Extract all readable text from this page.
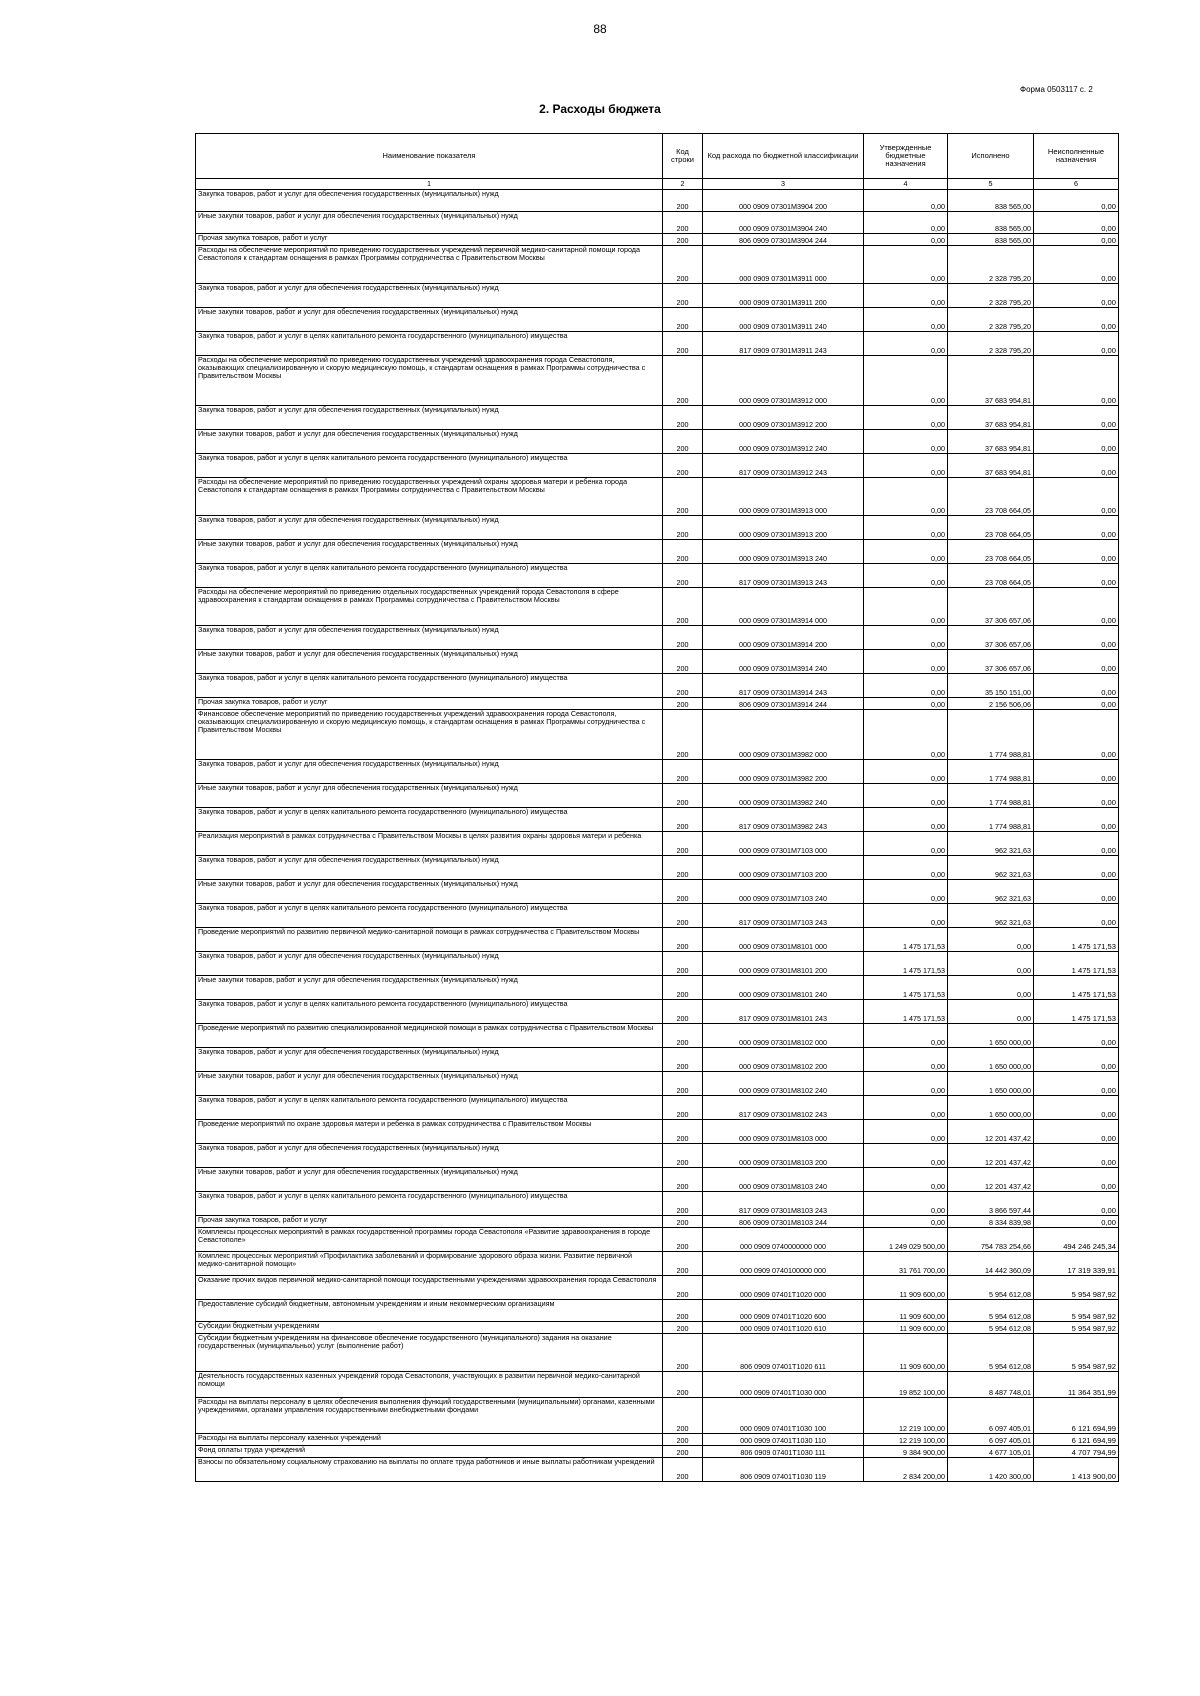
88
Форма 0503117 с. 2
2. Расходы бюджета
Наименование показателя	Код строки	Код расхода по бюджетной классификации	Утвержденные бюджетные назначения	Исполнено	Неисполненные назначения
1	2	3	4	5	6
Закупка товаров, работ и услуг для обеспечения государственных (муниципальных) нужд	200	000 0909 07301М3904 200	0,00	838 565,00	0,00
Иные закупки товаров, работ и услуг для обеспечения государственных (муниципальных) нужд	200	000 0909 07301М3904 240	0,00	838 565,00	0,00
Прочая закупка товаров, работ и услуг	200	806 0909 07301М3904 244	0,00	838 565,00	0,00
Расходы на обеспечение мероприятий по приведению государственных учреждений первичной медико-санитарной помощи города Севастополя к стандартам оснащения в рамках Программы сотрудничества с Правительством Москвы	200	000 0909 07301М3911 000	0,00	2 328 795,20	0,00
Закупка товаров, работ и услуг для обеспечения государственных (муниципальных) нужд	200	000 0909 07301М3911 200	0,00	2 328 795,20	0,00
Иные закупки товаров, работ и услуг для обеспечения государственных (муниципальных) нужд	200	000 0909 07301М3911 240	0,00	2 328 795,20	0,00
Закупка товаров, работ и услуг в целях капитального ремонта государственного (муниципального) имущества	200	817 0909 07301М3911 243	0,00	2 328 795,20	0,00
Расходы на обеспечение мероприятий по приведению государственных учреждений здравоохранения города Севастополя, оказывающих специализированную и скорую медицинскую помощь, к стандартам оснащения в рамках Программы сотрудничества с Правительством Москвы	200	000 0909 07301М3912 000	0,00	37 683 954,81	0,00
Закупка товаров, работ и услуг для обеспечения государственных (муниципальных) нужд	200	000 0909 07301М3912 200	0,00	37 683 954,81	0,00
Иные закупки товаров, работ и услуг для обеспечения государственных (муниципальных) нужд	200	000 0909 07301М3912 240	0,00	37 683 954,81	0,00
Закупка товаров, работ и услуг в целях капитального ремонта государственного (муниципального) имущества	200	817 0909 07301М3912 243	0,00	37 683 954,81	0,00
Расходы на обеспечение мероприятий по приведению государственных учреждений охраны здоровья матери и ребенка города Севастополя к стандартам оснащения в рамках Программы сотрудничества с Правительством Москвы	200	000 0909 07301М3913 000	0,00	23 708 664,05	0,00
Закупка товаров, работ и услуг для обеспечения государственных (муниципальных) нужд	200	000 0909 07301М3913 200	0,00	23 708 664,05	0,00
Иные закупки товаров, работ и услуг для обеспечения государственных (муниципальных) нужд	200	000 0909 07301М3913 240	0,00	23 708 664,05	0,00
Закупка товаров, работ и услуг в целях капитального ремонта государственного (муниципального) имущества	200	817 0909 07301М3913 243	0,00	23 708 664,05	0,00
Расходы на обеспечение мероприятий по приведению отдельных государственных учреждений города Севастополя в сфере здравоохранения к стандартам оснащения в рамках Программы сотрудничества с Правительством Москвы	200	000 0909 07301М3914 000	0,00	37 306 657,06	0,00
Закупка товаров, работ и услуг для обеспечения государственных (муниципальных) нужд	200	000 0909 07301М3914 200	0,00	37 306 657,06	0,00
Иные закупки товаров, работ и услуг для обеспечения государственных (муниципальных) нужд	200	000 0909 07301М3914 240	0,00	37 306 657,06	0,00
Закупка товаров, работ и услуг в целях капитального ремонта государственного (муниципального) имущества	200	817 0909 07301М3914 243	0,00	35 150 151,00	0,00
Прочая закупка товаров, работ и услуг	200	806 0909 07301М3914 244	0,00	2 156 506,06	0,00
Финансовое обеспечение мероприятий по приведению государственных учреждений здравоохранения города Севастополя, оказывающих специализированную и скорую медицинскую помощь, к стандартам оснащения в рамках Программы сотрудничества с Правительством Москвы	200	000 0909 07301М3982 000	0,00	1 774 988,81	0,00
Закупка товаров, работ и услуг для обеспечения государственных (муниципальных) нужд	200	000 0909 07301М3982 200	0,00	1 774 988,81	0,00
Иные закупки товаров, работ и услуг для обеспечения государственных (муниципальных) нужд	200	000 0909 07301М3982 240	0,00	1 774 988,81	0,00
Закупка товаров, работ и услуг в целях капитального ремонта государственного (муниципального) имущества	200	817 0909 07301М3982 243	0,00	1 774 988,81	0,00
Реализация мероприятий в рамках сотрудничества с Правительством Москвы в целях развития охраны здоровья матери и ребенка	200	000 0909 07301М7103 000	0,00	962 321,63	0,00
Закупка товаров, работ и услуг для обеспечения государственных (муниципальных) нужд	200	000 0909 07301М7103 200	0,00	962 321,63	0,00
Иные закупки товаров, работ и услуг для обеспечения государственных (муниципальных) нужд	200	000 0909 07301М7103 240	0,00	962 321,63	0,00
Закупка товаров, работ и услуг в целях капитального ремонта государственного (муниципального) имущества	200	817 0909 07301М7103 243	0,00	962 321,63	0,00
Проведение мероприятий по развитию первичной медико-санитарной помощи в рамках сотрудничества с Правительством Москвы	200	000 0909 07301М8101 000	1 475 171,53	0,00	1 475 171,53
Закупка товаров, работ и услуг для обеспечения государственных (муниципальных) нужд	200	000 0909 07301М8101 200	1 475 171,53	0,00	1 475 171,53
Иные закупки товаров, работ и услуг для обеспечения государственных (муниципальных) нужд	200	000 0909 07301М8101 240	1 475 171,53	0,00	1 475 171,53
Закупка товаров, работ и услуг в целях капитального ремонта государственного (муниципального) имущества	200	817 0909 07301М8101 243	1 475 171,53	0,00	1 475 171,53
Проведение мероприятий по развитию специализированной медицинской помощи в рамках сотрудничества с Правительством Москвы	200	000 0909 07301М8102 000	0,00	1 650 000,00	0,00
Закупка товаров, работ и услуг для обеспечения государственных (муниципальных) нужд	200	000 0909 07301М8102 200	0,00	1 650 000,00	0,00
Иные закупки товаров, работ и услуг для обеспечения государственных (муниципальных) нужд	200	000 0909 07301М8102 240	0,00	1 650 000,00	0,00
Закупка товаров, работ и услуг в целях капитального ремонта государственного (муниципального) имущества	200	817 0909 07301М8102 243	0,00	1 650 000,00	0,00
Проведение мероприятий по охране здоровья матери и ребенка в рамках сотрудничества с Правительством Москвы	200	000 0909 07301М8103 000	0,00	12 201 437,42	0,00
Закупка товаров, работ и услуг для обеспечения государственных (муниципальных) нужд	200	000 0909 07301М8103 200	0,00	12 201 437,42	0,00
Иные закупки товаров, работ и услуг для обеспечения государственных (муниципальных) нужд	200	000 0909 07301М8103 240	0,00	12 201 437,42	0,00
Закупка товаров, работ и услуг в целях капитального ремонта государственного (муниципального) имущества	200	817 0909 07301М8103 243	0,00	3 866 597,44	0,00
Прочая закупка товаров, работ и услуг	200	806 0909 07301М8103 244	0,00	8 334 839,98	0,00
Комплексы процессных мероприятий в рамках государственной программы города Севастополя «Развитие здравоохранения в городе Севастополе»	200	000 0909 0740000000 000	1 249 029 500,00	754 783 254,66	494 246 245,34
Комплекс процессных мероприятий «Профилактика заболеваний и формирование здорового образа жизни. Развитие первичной медико-санитарной помощи»	200	000 0909 0740100000 000	31 761 700,00	14 442 360,09	17 319 339,91
Оказание прочих видов первичной медико-санитарной помощи государственными учреждениями здравоохранения города Севастополя	200	000 0909 07401Т1020 000	11 909 600,00	5 954 612,08	5 954 987,92
Предоставление субсидий бюджетным, автономным учреждениям и иным некоммерческим организациям	200	000 0909 07401Т1020 600	11 909 600,00	5 954 612,08	5 954 987,92
Субсидии бюджетным учреждениям	200	000 0909 07401Т1020 610	11 909 600,00	5 954 612,08	5 954 987,92
Субсидии бюджетным учреждениям на финансовое обеспечение государственного (муниципального) задания на оказание государственных (муниципальных) услуг (выполнение работ)	200	806 0909 07401Т1020 611	11 909 600,00	5 954 612,08	5 954 987,92
Деятельность государственных казенных учреждений города Севастополя, участвующих в развитии первичной медико-санитарной помощи	200	000 0909 07401Т1030 000	19 852 100,00	8 487 748,01	11 364 351,99
Расходы на выплаты персоналу в целях обеспечения выполнения функций государственными (муниципальными) органами, казенными учреждениями, органами управления государственными внебюджетными фондами	200	000 0909 07401Т1030 100	12 219 100,00	6 097 405,01	6 121 694,99
Расходы на выплаты персоналу казенных учреждений	200	000 0909 07401Т1030 110	12 219 100,00	6 097 405,01	6 121 694,99
Фонд оплаты труда учреждений	200	806 0909 07401Т1030 111	9 384 900,00	4 677 105,01	4 707 794,99
Взносы по обязательному социальному страхованию на выплаты по оплате труда работников и иные выплаты работникам учреждений	200	806 0909 07401Т1030 119	2 834 200,00	1 420 300,00	1 413 900,00
